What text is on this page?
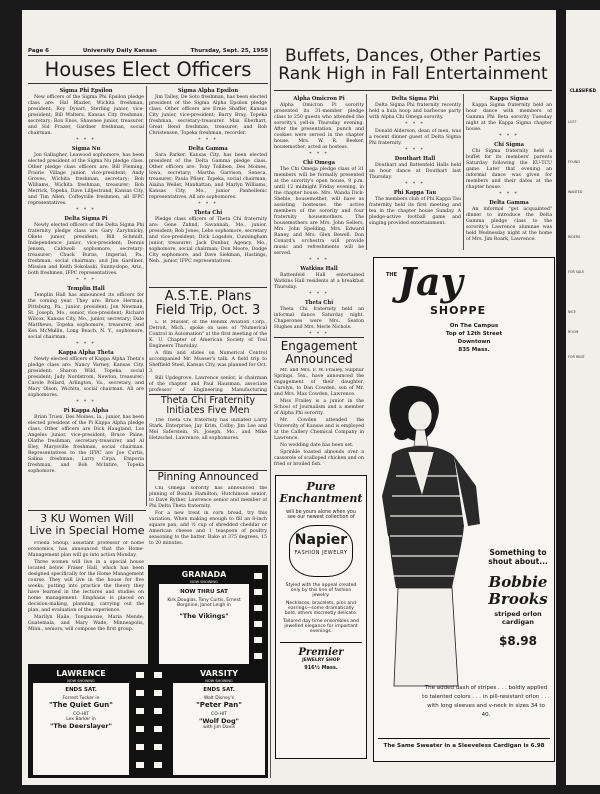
Page 6	University Daily Kansan	Thursday, Sept. 25, 1958
Houses Elect Officers
Buffets, Dances, Other Parties Rank High in Fall Entertainment
Sigma Phi Epsilon

New officers of the Sigma Phi Epsilon pledge class are: Hal Blazier, Wichita freshman, president; Roy Dysart, Sterling junior, vice-president; Bill Walters, Kansas City freshman, secretary; Ron Enos, Shawnee junior, treasurer, and Sid Frazer, Gardner freshman, social chairman.

* * *
Sigma Nu

Jon Gallagher, Leawood sophomore, has been elected president of the Sigma Nu pledge class. Other pledge class officers are: Bill Fleming, Prairie Village junior, vice-president; Andy Groves, Wichita freshman, secretary; Bob Williams, Wichita freshman, treasurer; Bob Merrick, Topeka, Dave Lilljestrand, Kansas City, and Tim Allen, Coffeyville freshmen, all IFPC representatives.

* * *
Delta Sigma Pi

Newly elected officers of the Delta Sigma Phi fraternity pledge class are Gary Zarybnicky, Oketo junior, president; Bill Schmidt, Independence junior, vice-president; Dennis Jensen, Caldwell sophomore, secretary-treasurer; Chuck Burns, Imperial, Pa., freshman, social chairman; and Jim Gardiner, Mission and Keith Sokolaski, Sunnyslope, Ariz., both freshmen, IFPC representatives.

* * *
Templin Hall

Templin Hall has announced its officers for the coming year. They are: Bruce Herman, Pittsburg, Pa., junior, president; Jon Newman, St. Joseph, Mo., senior, vice-president; Richard Wilcox, Kansas City, Mo., junior, secretary; Dale Matthews, Topeka sophomore, treasurer, and Ken McMullin, Long Beach, N. Y., sophomore, social chairman.

* * *
Kappa Alpha Theta

Newly elected officers of Kappa Alpha Theta's pledge class are: Nancy Varney, Kansas City, president; Sharon Wild, Topeka, social president; Judy Nordstrom, Newton, treasurer; Carole Pollard, Arlington, Va., secretary, and Mary Olson, Wichita, social chairman. All are sophomores.

* * *
Pi Kappa Alpha

Brian Truex, Des Moines, Ia., junior, has been elected president of the Pi Kappa Alpha pledge class. Other officers are Dick Haugland, Los Angeles junior, vice-president; Bruce Paine, Olathe freshman, secretary-treasurer, and Al Eley, Marysville freshman, social chairman. Representatives to the IFPC are Joe Curtis, Salina freshman; Larry Cirpa, Emporia freshman, and Bob McIntire, Topeka sophomore.

Sigma Alpha Epsilon

Jim Talley, De Soto freshman, has been elected president of the Sigma Alpha Epsilon pledge class. Other officers are Ernie Shaffer, Kansas City junior, vice-president; Barry Bray, Topeka freshman, secretary-treasurer. Max Eberhart, Great Bend freshman, treasurer, and Bob Christensen, Topeka freshman, recorder.

* * *
Delta Gamma

Sara Parker, Kansas City, has been elected president of the Delta Gamma pledge class. Other officers are: Tony Tolliben, Des Moines, Iowa, secretary; Martha Garrison, Seneca, treasurer; Paula Pfiser, Topeka, social chairman; Alaina Weiler, Manhattan, and Marlyn Williams, Kansas City, Mo., junior Panhellenic representatives. All are sophomores.

* * *
Theta Chi

Pledge class officers of Theta Chi fraternity are: Gene Zahnd, Savannah, Mo., junior, president; Bob Jones, Lebo sophomore, secretary and vice-president; Dick Logsdon, Cunningham junior, treasurer; Jack Dunbar, Agency, Mo., sophomore, social chairman; Don Moore, Dodge City sophomore, and Dave Siekman, Hastings, Neb., junior, IFPC representatives.

A.S.T.E. Plans Field Trip, Oct. 3

L. B. Musser, of the Bendix Aviation Corp., Detroit, Mich., spoke on uses of "Numerical Control in Automation" at the first meeting of the K. U. Chapter of American Society of Tool Engineers Thursday.

A film and slides on Numerical Control accompanied Mr. Musser's talk. A field trip to Sheffield Steel, Kansas City, was planned for Oct. 3.

Bill Updegrove, Lawrence senior, is chairman of the chapter and Paul Hausman, associate professor of Engineering Manufacturing

Theta Chi Fraternity Initiates Five Men

The Theta Chi fraternity has initiated Larry Stark, Enterprise; Jay Krim, Colby; Jim Lee and Mel Saferstein, St. Joseph, Mo., and Mike Hetzschel, Lawrence, all sophomores.

Pinning Announced

Chi Omega sorority has announced the pinning of Bonita Hamilton, Hutchinson senior, to Dave Ryther, Lawrence senior and member of Phi Delta Theta fraternity.

For a new treat in corn bread, try this variation. When making enough to fill an 8-inch square pan, add ½ cup of shredded cheddar or American cheese and 1 teaspoon of poultry seasoning to the batter. Bake at 375 degrees, 15 to 20 minutes.

3 KU Women Will Live in Special Home

Frieda Shoup, assistant professor of home economics, has announced that the Home-Management plan will go into action Monday.

Three women will live in a special house located below Fraser Hall, which has been designed specifically for the Home Management course. They will live in the house for five weeks, putting into practice the theory they have learned in the lectures and studies on home management. Emphasis is placed on decision-making, planning, carrying out the plan, and evaluation of the experience.

Marilyn Haile, Tonganoxie, Maria Mende, Guatemala, and Mary Wade, Minneapolis, Minn., seniors, will compose the first group.

GRANADA
NOW SHOWING
NOW THRU SAT
Kirk Douglas, Tony Curtis, Ernest Borgnine, Janet Leigh in
"The Vikings"
LAWRENCE
NOW SHOWING
ENDS SAT.
Forrest Tucker in
"The Quiet Gun"
CO-HIT
Lex Barker in
"The Deerslayer"
VARSITY
NOW SHOWING
ENDS SAT.
Walt Disney's
"Peter Pan"
CO-HIT
"Wolf Dog"
with Jim Davis
Alpha Omicron Pi

Alpha Omicron Pi sorority presented its 31-member pledge class to 250 guests who attended the sorority's yell-in Thursday evening. After the presentation, punch and cookies were served in the chapter house. Mrs. W. R. Beeker, housemother, acted as hostess.

* * *
Chi Omega

The Chi Omega pledge class of 31 members will be formally presented at the sorority's open house, 9 p.m. until 12 midnight Friday evening, in the chapter house. Mrs. Wanda Dick-Sheble, housemother, will have as assisting hostesses the active members of the sorority and four fraternity housemothers. The housemothers are Mrs. John Sellers, Mrs. John Spelding, Mrs. Edward Raney, and Mrs. Glen Bewell. Don Conard's orchestra will provide music and refreshments will be served.

* * *
Watkins Hall

Battenfeld Hall entertained Watkins Hall residents at a breakfast Thursday.

* * *
Theta Chi

Theta Chi fraternity held an informal dance Saturday night. Chaperones were Mrs. Seaton Hughes and Mrs. Merle Nichols.

Delta Sigma Phi

Delta Sigma Phi fraternity recently held a hula hoop and barbecue party with Alpha Chi Omega sorority.

* * *

Donald Alderson, dean of men, was a recent dinner guest of Delta Sigma Phi fraternity.

* * *
Douthart Hall

Douthart and Battenfeld Halls held an hour dance at Douthart last Thursday.

* * *
Phi Kappa Tau

The members club of Phi Kappa Tau fraternity held its first meeting and tea in the chapter house Sunday. A pledge-active football game and singing provided entertainment.

Kappa Sigma

Kappa Sigma fraternity held an hour dance with members of Gamma Phi Beta sorority Tuesday night at the Kappa Sigma chapter house.

* * *
Chi Sigma

Chi Sigma fraternity held a buffet for its members' parents Saturday following the KU-TCU game. Later that evening an informal dance was given for members and their dates at the chapter house.

* * *
Delta Gamma

An informal "get acquainted" dinner to introduce the Delta Gamma pledge class to the sorority's Lawrence alumnae was held Wednesday night at the home of Mrs. Jim Roark, Lawrence.

Engagement Announced

Mr. and Mrs. F. W. Frailey, Sulphur Springs, Tex., have announced the engagement of their daughter, Carolyn, to Dan Cowden, son of Mr. and Mrs. Max Cowden, Lawrence.

Miss Frailey is a junior in the School of Journalism and a member of Alpha Phi sorority.

Mr. Cowden attended the University of Kansas and is employed at the Callery Chemical Company in Lawrence.

No wedding date has been set.

Sprinkle toasted almonds over a casserole of scalloped chicken and on fried or broiled fish.

Pure Enchantment
will be yours alone when you see our newest collection of
Napier
FASHION JEWELRY
Styled with the appeal created only by this line of fashion jewelry.
Necklaces, bracelets, pins and earrings—some dramatically bold, others discreetly delicate.
Tailored day time ensembles and jewelled elegance for important evenings.
Premier
JEWELRY SHOP
916½ Mass.
THE Jay
SHOPPE
On The Campus
Top of 12th Street
Downtown
835 Mass.
Something to shout about...
Bobbie Brooks
striped orlon cardigan
$8.98
The added dash of stripes . . . boldly applied to talented colors . . . in pill-resistant orlon . . . with long sleeves and v-neck in sizes 34 to 40.
The Same Sweater in a Sleeveless Cardigan is 6.98
CLASSIFIED
LOST
FOUND
WANTED
RIDERS
FOR SALE
NICE
ROOM
FOR RENT
